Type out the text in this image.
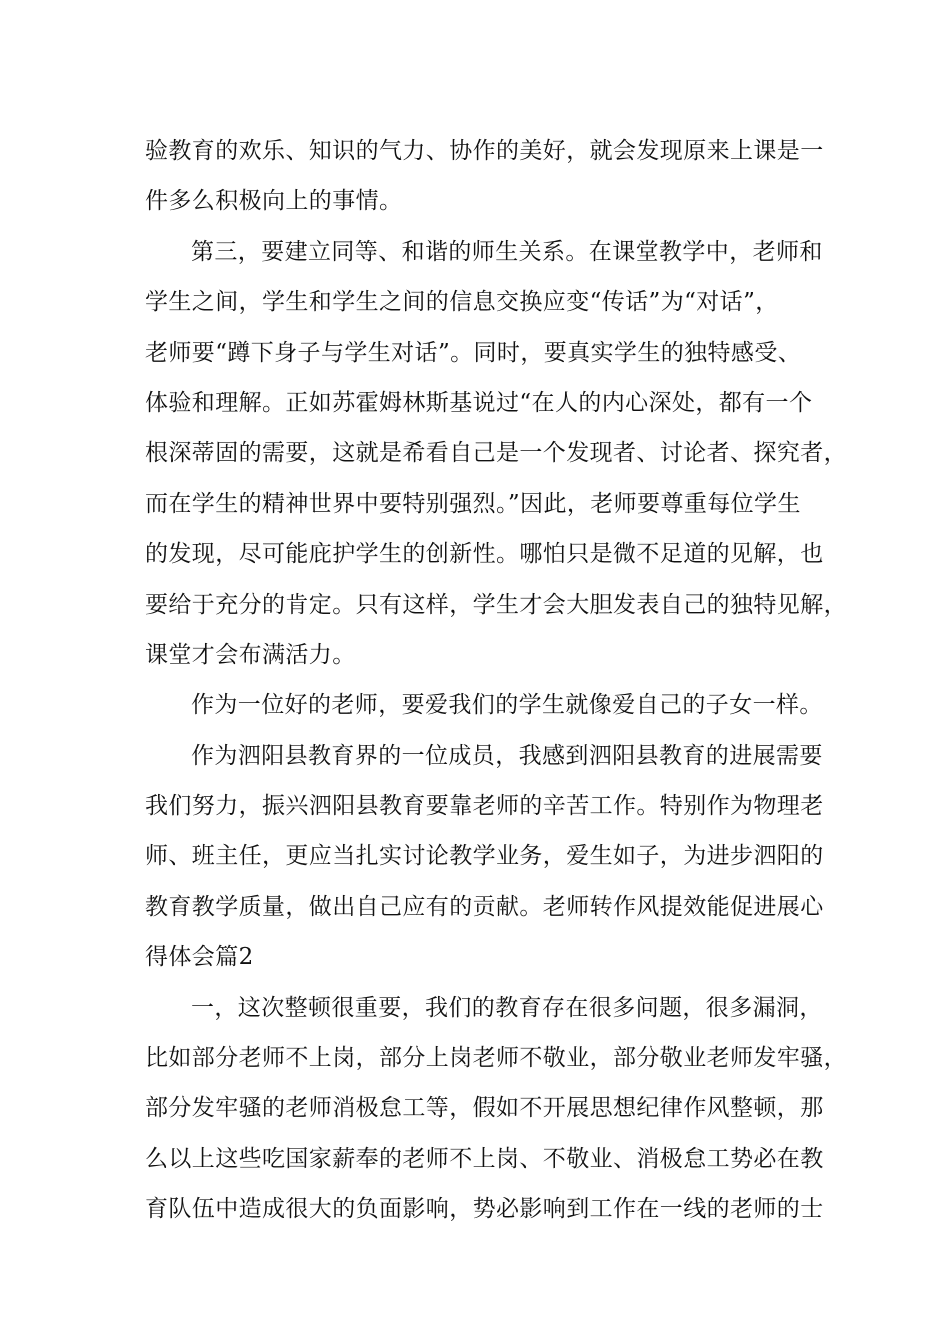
验教育的欢乐、知识的气力、协作的美好，就会发现原来上课是一
件多么积极向上的事情。
第三，要建立同等、和谐的师生关系。在课堂教学中，老师和
学生之间，学生和学生之间的信息交换应变“传话”为“对话”，
老师要“蹲下身子与学生对话”。同时，要真实学生的独特感受、
体验和理解。正如苏霍姆林斯基说过“在人的内心深处，都有一个
根深蒂固的需要，这就是希看自己是一个发现者、讨论者、探究者，
而在学生的精神世界中要特别强烈。”因此，老师要尊重每位学生
的发现，尽可能庇护学生的创新性。哪怕只是微不足道的见解，也
要给于充分的肯定。只有这样，学生才会大胆发表自己的独特见解，
课堂才会布满活力。
作为一位好的老师，要爱我们的学生就像爱自己的子女一样。
作为泗阳县教育界的一位成员，我感到泗阳县教育的进展需要
我们努力，振兴泗阳县教育要靠老师的辛苦工作。特别作为物理老
师、班主任，更应当扎实讨论教学业务，爱生如子，为进步泗阳的
教育教学质量，做出自己应有的贡献。老师转作风提效能促进展心
得体会篇2
一，这次整顿很重要，我们的教育存在很多问题，很多漏洞，
比如部分老师不上岗，部分上岗老师不敬业，部分敬业老师发牢骚，
部分发牢骚的老师消极怠工等，假如不开展思想纪律作风整顿，那
么以上这些吃国家薪奉的老师不上岗、不敬业、消极怠工势必在教
育队伍中造成很大的负面影响，势必影响到工作在一线的老师的士
